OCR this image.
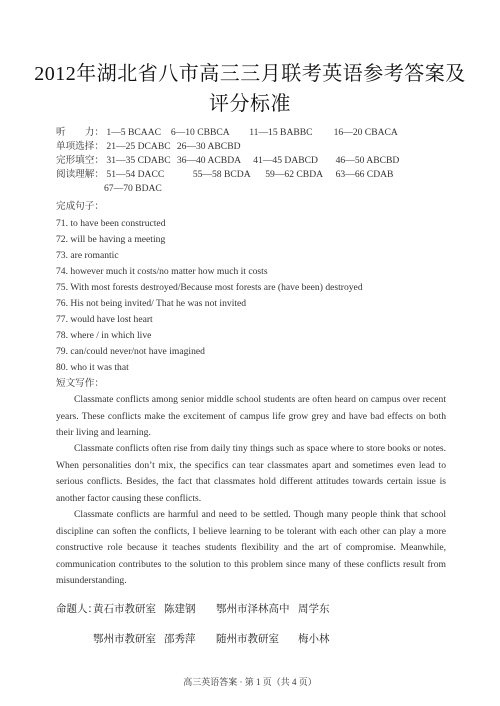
2012年湖北省八市高三三月联考英语参考答案及
评分标准
听　　力： 1—5 BCAAC 6—10 CBBCA 11—15 BABBC 16—20 CBACA
单项选择： 21—25 DCABC 26—30 ABCBD
完形填空： 31—35 CDABC 36—40 ACBDA 41—45 DABCD 46—50 ABCBD
阅读理解： 51—54 DACC	55—58 BCDA 59—62 CBDA 63—66 CDAB
67—70 BDAC
完成句子：
71. to have been constructed
72. will be having a meeting
73. are romantic
74. however much it costs/no matter how much it costs
75. With most forests destroyed/Because most forests are (have been) destroyed
76. His not being invited/ That he was not invited
77. would have lost heart
78. where / in which live
79. can/could never/not have imagined
80. who it was that
短文写作：
Classmate conflicts among senior middle school students are often heard on campus over recent years. These conflicts make the excitement of campus life grow grey and have bad effects on both their living and learning.
Classmate conflicts often rise from daily tiny things such as space where to store books or notes. When personalities don’t mix, the specifics can tear classmates apart and sometimes even lead to serious conflicts. Besides, the fact that classmates hold different attitudes towards certain issue is another factor causing these conflicts.
Classmate conflicts are harmful and need to be settled. Though many people think that school discipline can soften the conflicts, I believe learning to be tolerant with each other can play a more constructive role because it teaches students flexibility and the art of compromise. Meanwhile, communication contributes to the solution to this problem since many of these conflicts result from misunderstanding.
命题人：
黄石市教研室 陈建钢 鄂州市泽林高中 周学东
鄂州市教研室 邵秀萍 随州市教研室 梅小林
高三英语答案 · 第 1 页（共 4 页）
